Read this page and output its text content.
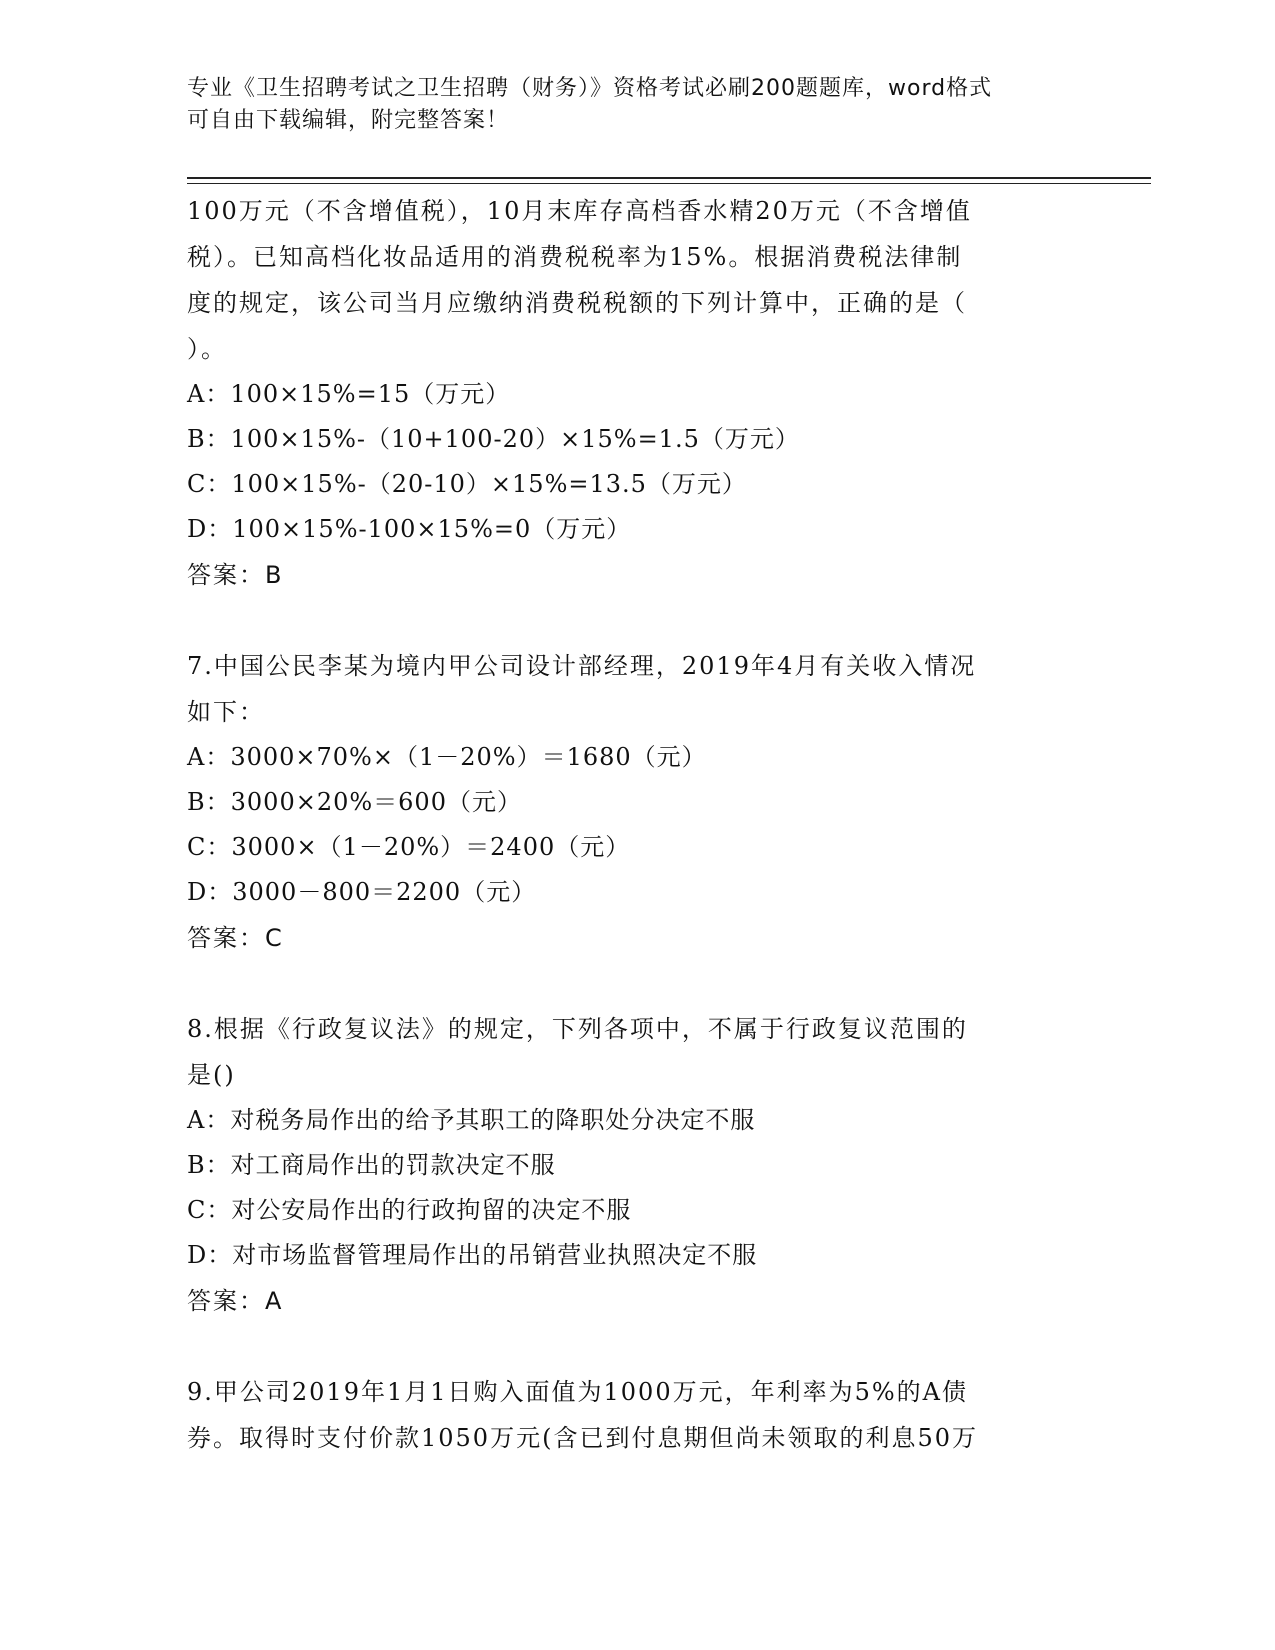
专业《卫生招聘考试之卫生招聘（财务）》资格考试必刷200题题库，word格式
可自由下载编辑，附完整答案！
100万元（不含增值税），10月末库存高档香水精20万元（不含增值
税）。已知高档化妆品适用的消费税税率为15%。根据消费税法律制
度的规定，该公司当月应缴纳消费税税额的下列计算中，正确的是（
）。
A：100×15%=15（万元）
B：100×15%-（10+100-20）×15%=1.5（万元）
C：100×15%-（20-10）×15%=13.5（万元）
D：100×15%-100×15%=0（万元）
答案：B
7.中国公民李某为境内甲公司设计部经理，2019年4月有关收入情况
如下：
A：3000×70%×（1－20%）＝1680（元）
B：3000×20%＝600（元）
C：3000×（1－20%）＝2400（元）
D：3000－800＝2200（元）
答案：C
8.根据《行政复议法》的规定，下列各项中，不属于行政复议范围的
是()
A：对税务局作出的给予其职工的降职处分决定不服
B：对工商局作出的罚款决定不服
C：对公安局作出的行政拘留的决定不服
D：对市场监督管理局作出的吊销营业执照决定不服
答案：A
9.甲公司2019年1月1日购入面值为1000万元，年利率为5%的A债
券。取得时支付价款1050万元(含已到付息期但尚未领取的利息50万
